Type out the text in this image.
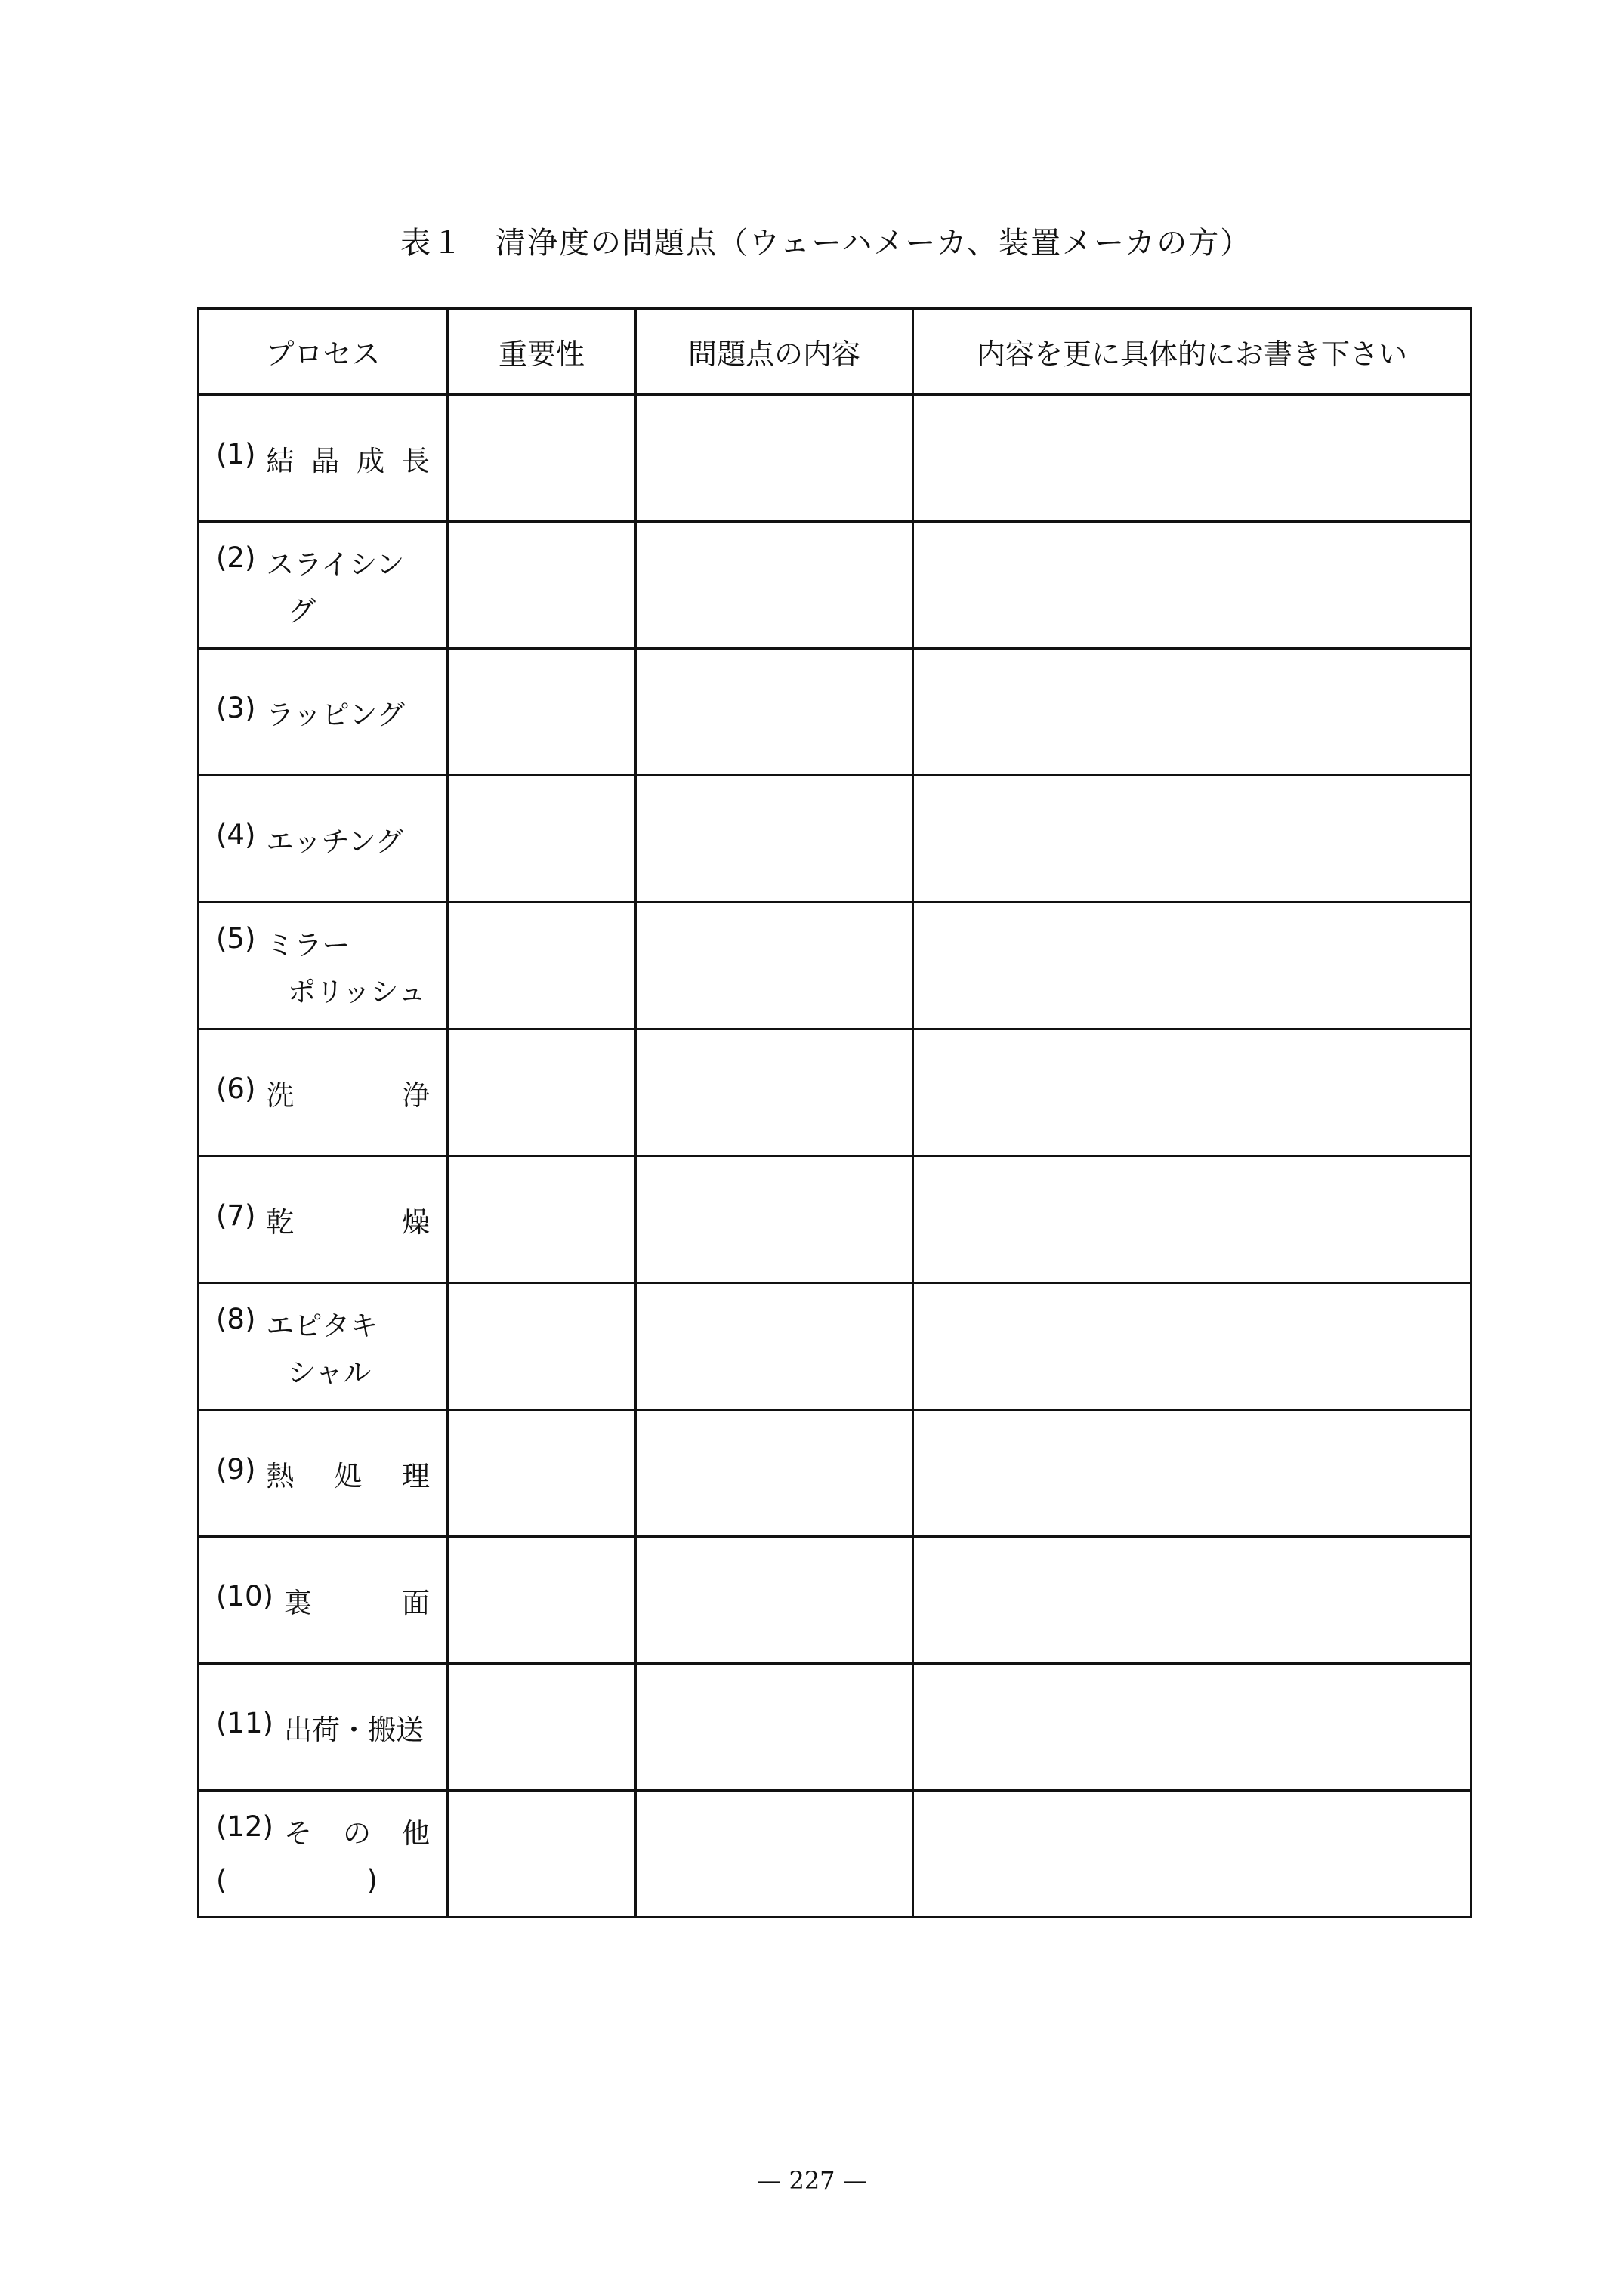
表１　清浄度の問題点（ウェーハメーカ、装置メーカの方）
プロセス	重要性	問題点の内容	内容を更に具体的にお書き下さい

(1) 結 晶 成 長			

(2) スライシン
グ			

(3) ラッピング			

(4) エッチング			

(5) ミラー
ポリッシュ			

(6) 洗 浄			

(7) 乾 燥			

(8) エピタキ
シャル			

(9) 熱 処 理			

(10) 裏 面			

(11) 出荷・搬送			

(12) そ の 他
(　　　　　)			

— 227 —
